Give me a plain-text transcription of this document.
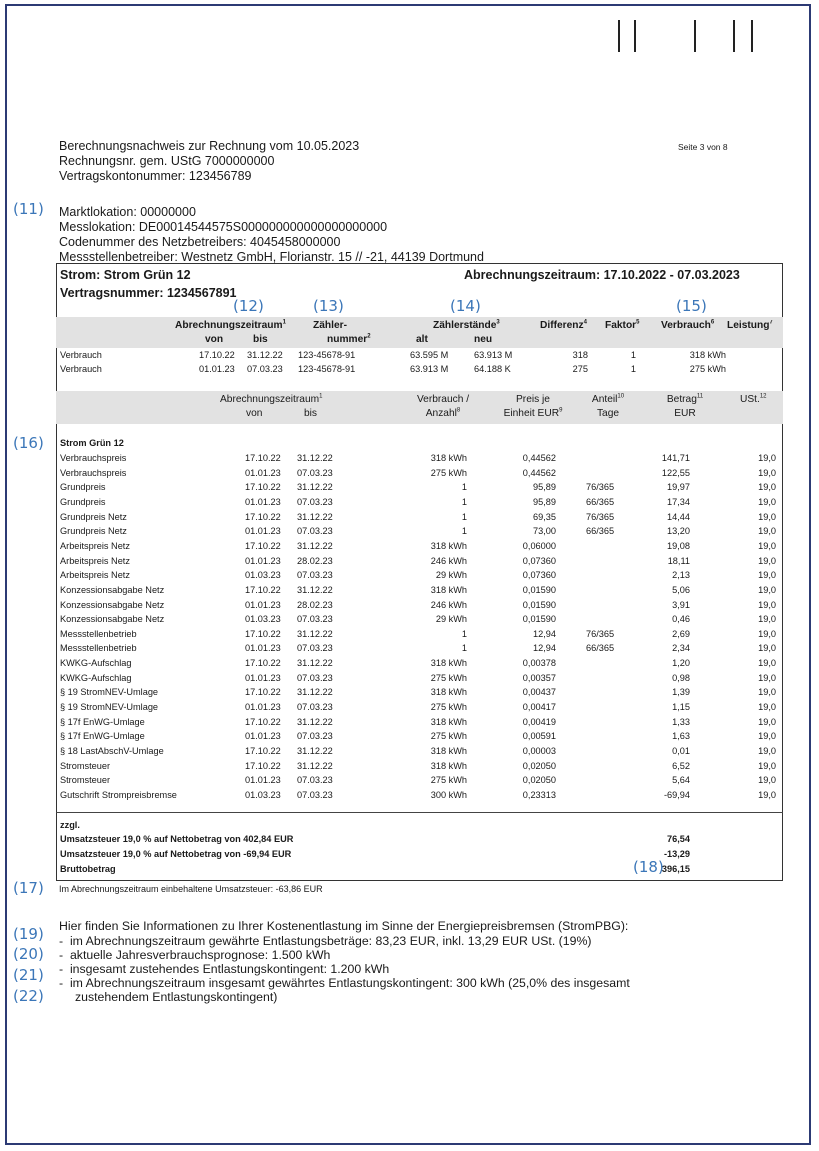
Berechnungsnachweis zur Rechnung vom 10.05.2023
Rechnungsnr. gem. UStG 7000000000
Vertragskontonummer: 123456789
Seite 3 von 8
Marktlokation: 00000000
Messlokation: DE00014544575S000000000000000000000
Codenummer des Netzbetreibers: 4045458000000
Messstellenbetreiber: Westnetz GmbH, Florianstr. 15 // -21, 44139 Dortmund
(11)
(12)	(13)	(14)	(15)
(16)
(17)
(18)
(19)
(20)
(21)
(22)
Strom: Strom Grün 12	Abrechnungszeitraum: 17.10.2022 - 07.03.2023
Vertragsnummer: 1234567891
Abrechnungszeitraum$^1$	Zähler-	Zählerstände$^3$	Differenz$^4$ Faktor$^5$ Verbrauch$^6$ Leistung$^7$
von	bis	nummer$^2$	alt	neu
Verbrauch	17.10.22 31.12.22 123-45678-91	63.595 M	63.913 M	318	1	318 kWh
Verbrauch	01.01.23 07.03.23 123-45678-91	63.913 M	64.188 K	275	1	275 kWh
Abrechnungszeitraum$^1$
von	bis
Verbrauch /
Anzahl$^8$
Preis je
Einheit EUR$^9$
Anteil$^{10}$
Tage
Betrag$^{11}$
EUR
USt.$^{12}$
Strom Grün 12
Verbrauchspreis	17.10.22 31.12.22	318 kWh	0,44562	141,71	19,0
Verbrauchspreis	01.01.23 07.03.23	275 kWh	0,44562	122,55	19,0
Grundpreis	17.10.22 31.12.22	1	95,89	76/365	19,97	19,0
Grundpreis	01.01.23 07.03.23	1	95,89	66/365	17,34	19,0
Grundpreis Netz	17.10.22 31.12.22	1	69,35	76/365	14,44	19,0
Grundpreis Netz	01.01.23 07.03.23	1	73,00	66/365	13,20	19,0
Arbeitspreis Netz	17.10.22 31.12.22	318 kWh	0,06000	19,08	19,0
Arbeitspreis Netz	01.01.23 28.02.23	246 kWh	0,07360	18,11	19,0
Arbeitspreis Netz	01.03.23 07.03.23	29 kWh	0,07360	2,13	19,0
Konzessionsabgabe Netz	17.10.22 31.12.22	318 kWh	0,01590	5,06	19,0
Konzessionsabgabe Netz	01.01.23 28.02.23	246 kWh	0,01590	3,91	19,0
Konzessionsabgabe Netz	01.03.23 07.03.23	29 kWh	0,01590	0,46	19,0
Messstellenbetrieb	17.10.22 31.12.22	1	12,94	76/365	2,69	19,0
Messstellenbetrieb	01.01.23 07.03.23	1	12,94	66/365	2,34	19,0
KWKG-Aufschlag	17.10.22 31.12.22	318 kWh	0,00378	1,20	19,0
KWKG-Aufschlag	01.01.23 07.03.23	275 kWh	0,00357	0,98	19,0
§ 19 StromNEV-Umlage	17.10.22 31.12.22	318 kWh	0,00437	1,39	19,0
§ 19 StromNEV-Umlage	01.01.23 07.03.23	275 kWh	0,00417	1,15	19,0
§ 17f EnWG-Umlage	17.10.22 31.12.22	318 kWh	0,00419	1,33	19,0
§ 17f EnWG-Umlage	01.01.23 07.03.23	275 kWh	0,00591	1,63	19,0
§ 18 LastAbschV-Umlage	17.10.22 31.12.22	318 kWh	0,00003	0,01	19,0
Stromsteuer	17.10.22 31.12.22	318 kWh	0,02050	6,52	19,0
Stromsteuer	01.01.23 07.03.23	275 kWh	0,02050	5,64	19,0
Gutschrift Strompreisbremse	01.03.23 07.03.23	300 kWh	0,23313	-69,94	19,0
zzgl.
Umsatzsteuer 19,0 % auf Nettobetrag von 402,84 EUR	76,54
Umsatzsteuer 19,0 % auf Nettobetrag von -69,94 EUR	-13,29
Bruttobetrag	396,15
Im Abrechnungszeitraum einbehaltene Umsatzsteuer: -63,86 EUR
Hier finden Sie Informationen zu Ihrer Kostenentlastung im Sinne der Energiepreisbremsen (StromPBG):
- im Abrechnungszeitraum gewährte Entlastungsbeträge: 83,23 EUR, inkl. 13,29 EUR USt. (19%)
- aktuelle Jahresverbrauchsprognose: 1.500 kWh
- insgesamt zustehendes Entlastungskontingent: 1.200 kWh
- im Abrechnungszeitraum insgesamt gewährtes Entlastungskontingent: 300 kWh (25,0% des insgesamt
zustehendem Entlastungskontingent)
